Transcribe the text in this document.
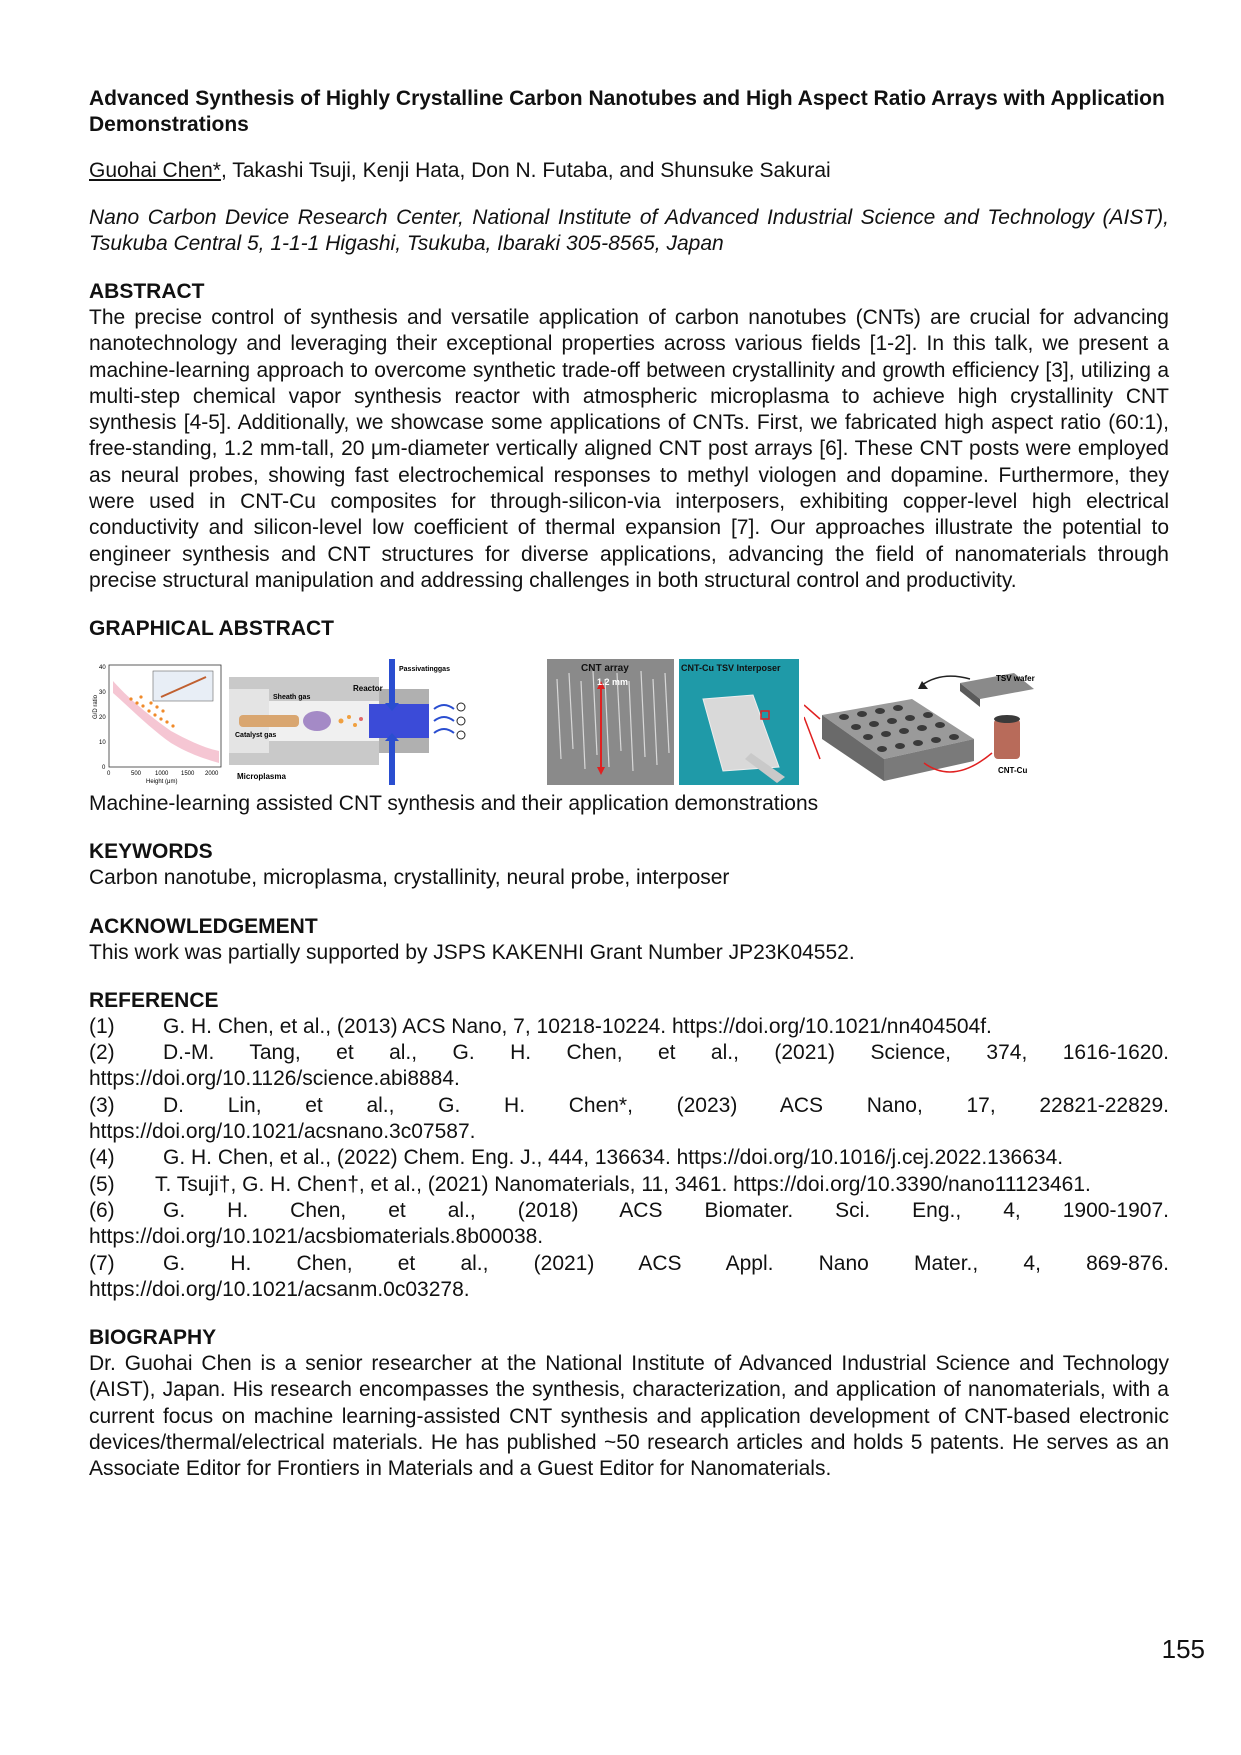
Advanced Synthesis of Highly Crystalline Carbon Nanotubes and High Aspect Ratio Arrays with Application Demonstrations
Guohai Chen*, Takashi Tsuji, Kenji Hata, Don N. Futaba, and Shunsuke Sakurai
Nano Carbon Device Research Center, National Institute of Advanced Industrial Science and Technology (AIST), Tsukuba Central 5, 1-1-1 Higashi, Tsukuba, Ibaraki 305-8565, Japan
ABSTRACT

The precise control of synthesis and versatile application of carbon nanotubes (CNTs) are crucial for advancing nanotechnology and leveraging their exceptional properties across various fields [1-2]. In this talk, we present a machine-learning approach to overcome synthetic trade-off between crystallinity and growth efficiency [3], utilizing a multi-step chemical vapor synthesis reactor with atmospheric microplasma to achieve high crystallinity CNT synthesis [4-5]. Additionally, we showcase some applications of CNTs. First, we fabricated high aspect ratio (60:1), free-standing, 1.2 mm-tall, 20 μm-diameter vertically aligned CNT post arrays [6]. These CNT posts were employed as neural probes, showing fast electrochemical responses to methyl viologen and dopamine. Furthermore, they were used in CNT-Cu composites for through-silicon-via interposers, exhibiting copper-level high electrical conductivity and silicon-level low coefficient of thermal expansion [7]. Our approaches illustrate the potential to engineer synthesis and CNT structures for diverse applications, advancing the field of nanomaterials through precise structural manipulation and addressing challenges in both structural control and productivity.

GRAPHICAL ABSTRACT
G/D ratio
Height (μm)
0	500 1000 1500 2000
0
10
20
30
40	Passivatinggas
Sheath gas
Reactor
Catalyst gas
Microplasma
CNT array
1.2 mm
CNT-Cu TSV Interposer
TSV wafer
CNT-Cu
Machine-learning assisted CNT synthesis and their application demonstrations
KEYWORDS

Carbon nanotube, microplasma, crystallinity, neural probe, interposer

ACKNOWLEDGEMENT

This work was partially supported by JSPS KAKENHI Grant Number JP23K04552.

REFERENCE
(1) G. H. Chen, et al., (2013) ACS Nano, 7, 10218-10224. https://doi.org/10.1021/nn404504f.
(2) D.-M. Tang, et al., G. H. Chen, et al., (2021) Science, 374, 1616-1620.
https://doi.org/10.1126/science.abi8884.
(3) D. Lin, et al., G. H. Chen*, (2023) ACS Nano, 17, 22821-22829.
https://doi.org/10.1021/acsnano.3c07587.
(4) G. H. Chen, et al., (2022) Chem. Eng. J., 444, 136634. https://doi.org/10.1016/j.cej.2022.136634.
(5) T. Tsuji†, G. H. Chen†, et al., (2021) Nanomaterials, 11, 3461. https://doi.org/10.3390/nano11123461.
(6) G. H. Chen, et al., (2018) ACS Biomater. Sci. Eng., 4, 1900-1907.
https://doi.org/10.1021/acsbiomaterials.8b00038.
(7) G. H. Chen, et al., (2021) ACS Appl. Nano Mater., 4, 869-876.
https://doi.org/10.1021/acsanm.0c03278.
BIOGRAPHY

Dr. Guohai Chen is a senior researcher at the National Institute of Advanced Industrial Science and Technology (AIST), Japan. His research encompasses the synthesis, characterization, and application of nanomaterials, with a current focus on machine learning-assisted CNT synthesis and application development of CNT-based electronic devices/thermal/electrical materials. He has published ~50 research articles and holds 5 patents. He serves as an Associate Editor for Frontiers in Materials and a Guest Editor for Nanomaterials.

155
